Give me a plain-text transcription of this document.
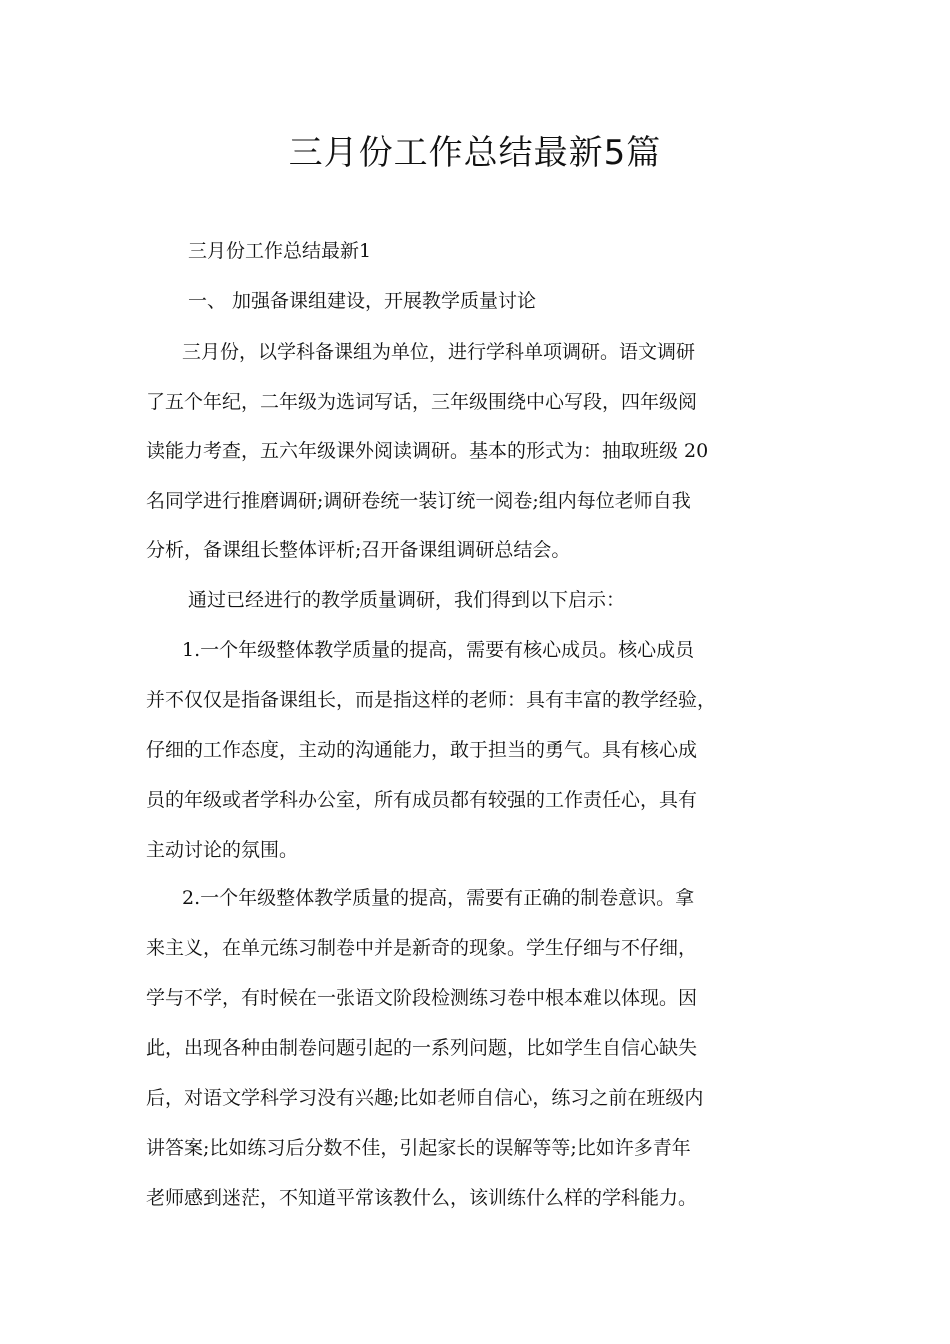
三月份工作总结最新5篇

三月份工作总结最新1

一、 加强备课组建设，开展教学质量讨论

三月份，以学科备课组为单位，进行学科单项调研。语文调研

了五个年纪，二年级为选词写话，三年级围绕中心写段，四年级阅

读能力考查，五六年级课外阅读调研。基本的形式为：抽取班级 20

名同学进行推磨调研;调研卷统一装订统一阅卷;组内每位老师自我

分析，备课组长整体评析;召开备课组调研总结会。

通过已经进行的教学质量调研，我们得到以下启示：

1.一个年级整体教学质量的提高，需要有核心成员。核心成员

并不仅仅是指备课组长，而是指这样的老师：具有丰富的教学经验，

仔细的工作态度，主动的沟通能力，敢于担当的勇气。具有核心成

员的年级或者学科办公室，所有成员都有较强的工作责任心，具有

主动讨论的氛围。

2.一个年级整体教学质量的提高，需要有正确的制卷意识。拿

来主义，在单元练习制卷中并是新奇的现象。学生仔细与不仔细，

学与不学，有时候在一张语文阶段检测练习卷中根本难以体现。因

此，出现各种由制卷问题引起的一系列问题，比如学生自信心缺失

后，对语文学科学习没有兴趣;比如老师自信心，练习之前在班级内

讲答案;比如练习后分数不佳，引起家长的误解等等;比如许多青年

老师感到迷茫，不知道平常该教什么，该训练什么样的学科能力。
